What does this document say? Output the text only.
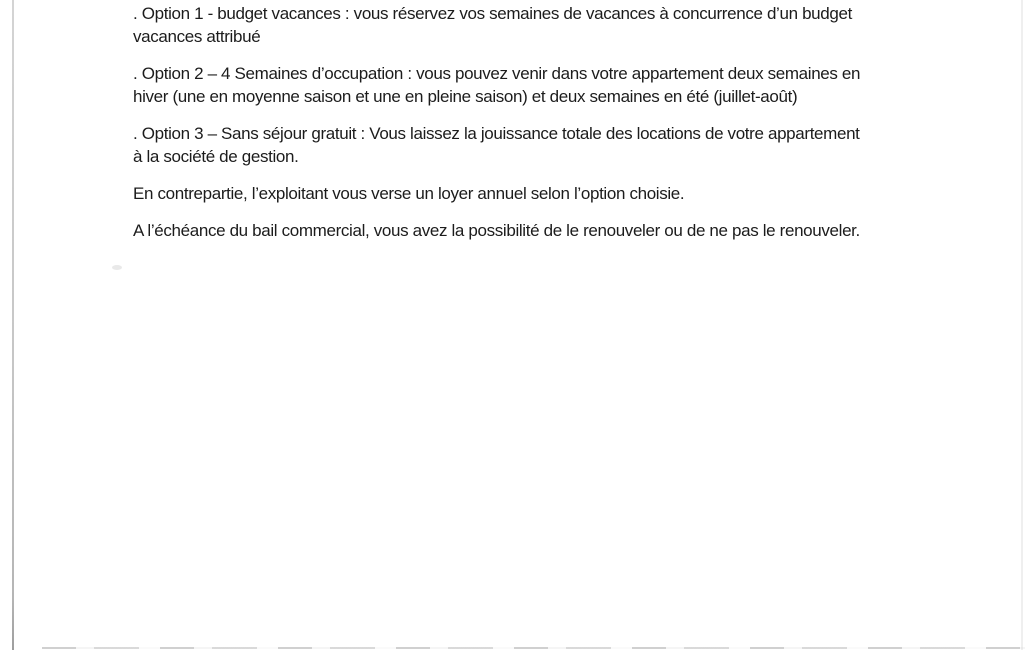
. Option 1 - budget vacances : vous réservez vos semaines de vacances à concurrence d’un budget
vacances attribué
. Option 2 – 4 Semaines d’occupation : vous pouvez venir dans votre appartement deux semaines en
hiver (une en moyenne saison et une en pleine saison) et deux semaines en été (juillet-août)
. Option 3 – Sans séjour gratuit : Vous laissez la jouissance totale des locations de votre appartement
à la société de gestion.
En contrepartie, l’exploitant vous verse un loyer annuel selon l’option choisie.
A l’échéance du bail commercial, vous avez la possibilité de le renouveler ou de ne pas le renouveler.
